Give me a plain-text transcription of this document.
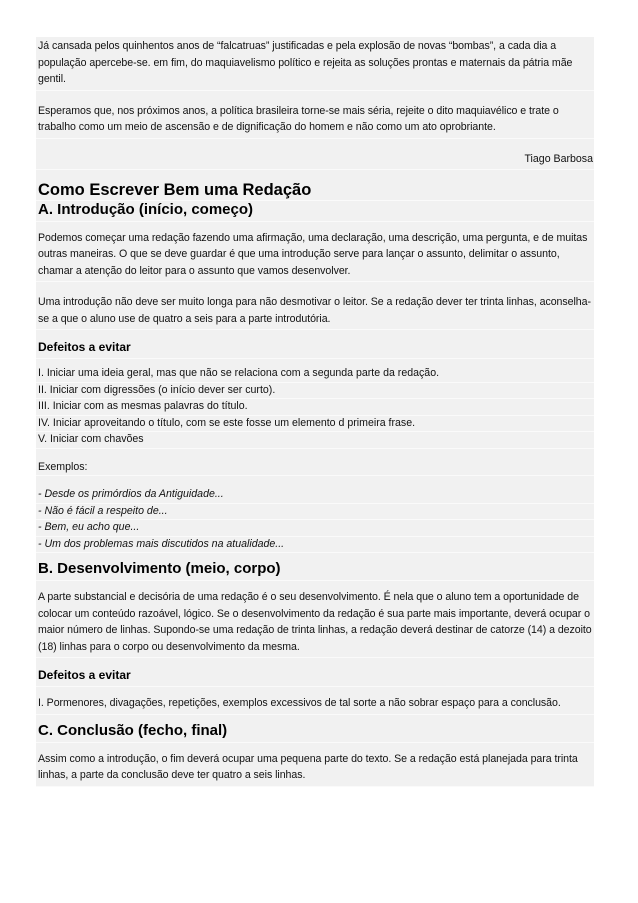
Já cansada pelos quinhentos anos de “falcatruas” justificadas e pela explosão de novas “bombas”, a cada dia a população apercebe-se. em fim, do maquiavelismo político e rejeita as soluções prontas e maternais da pátria mãe gentil.
Esperamos que, nos próximos anos, a política brasileira torne-se mais séria, rejeite o dito maquiavélico e trate o trabalho como um meio de ascensão e de dignificação do homem e não como um ato oprobriante.
Tiago Barbosa
Como Escrever Bem uma Redação
A. Introdução (início, começo)
Podemos começar uma redação fazendo uma afirmação, uma declaração, uma descrição, uma pergunta, e de muitas outras maneiras. O que se deve guardar é que uma introdução serve para lançar o assunto, delimitar o assunto, chamar a atenção do leitor para o assunto que vamos desenvolver.
Uma introdução não deve ser muito longa para não desmotivar o leitor. Se a redação dever ter trinta linhas, aconselha-se a que o aluno use de quatro a seis para a parte introdutória.
Defeitos a evitar
I. Iniciar uma ideia geral, mas que não se relaciona com a segunda parte da redação.
II. Iniciar com digressões (o início dever ser curto).
III. Iniciar com as mesmas palavras do título.
IV. Iniciar aproveitando o título, com se este fosse um elemento d primeira frase.
V. Iniciar com chavões
Exemplos:
- Desde os primórdios da Antiguidade...
- Não é fácil a respeito de...
- Bem, eu acho que...
- Um dos problemas mais discutidos na atualidade...
B. Desenvolvimento (meio, corpo)
A parte substancial e decisória de uma redação é o seu desenvolvimento. É nela que o aluno tem a oportunidade de colocar um conteúdo razoável, lógico. Se o desenvolvimento da redação é sua parte mais importante, deverá ocupar o maior número de linhas. Supondo-se uma redação de trinta linhas, a redação deverá destinar de catorze (14) a dezoito (18) linhas para o corpo ou desenvolvimento da mesma.
Defeitos a evitar
I. Pormenores, divagações, repetições, exemplos excessivos de tal sorte a não sobrar espaço para a conclusão.
C. Conclusão (fecho, final)
Assim como a introdução, o fim deverá ocupar uma pequena parte do texto. Se a redação está planejada para trinta linhas, a parte da conclusão deve ter quatro a seis linhas.
